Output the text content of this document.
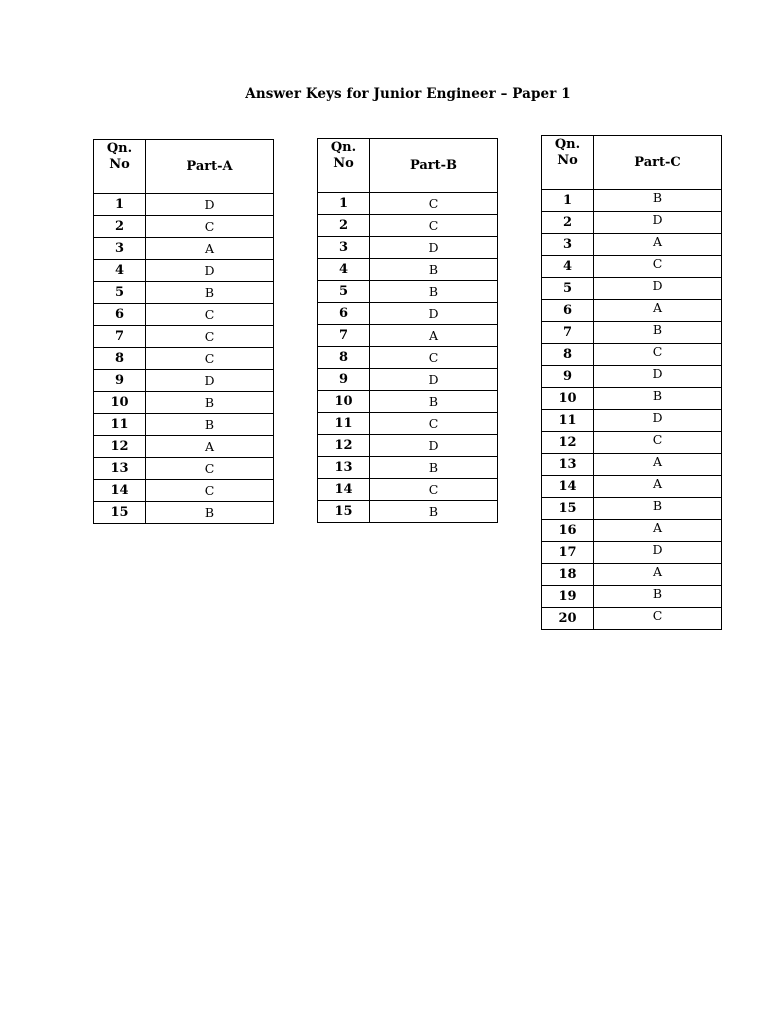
Answer Keys for Junior Engineer – Paper 1
Qn.
No	Part-A
1	D
2	C
3	A
4	D
5	B
6	C
7	C
8	C
9	D
10	B
11	B
12	A
13	C
14	C
15	B
Qn.
No	Part-B
1	C
2	C
3	D
4	B
5	B
6	D
7	A
8	C
9	D
10	B
11	C
12	D
13	B
14	C
15	B
Qn.
No	Part-C
1	B
2	D
3	A
4	C
5	D
6	A
7	B
8	C
9	D
10	B
11	D
12	C
13	A
14	A
15	B
16	A
17	D
18	A
19	B
20	C
